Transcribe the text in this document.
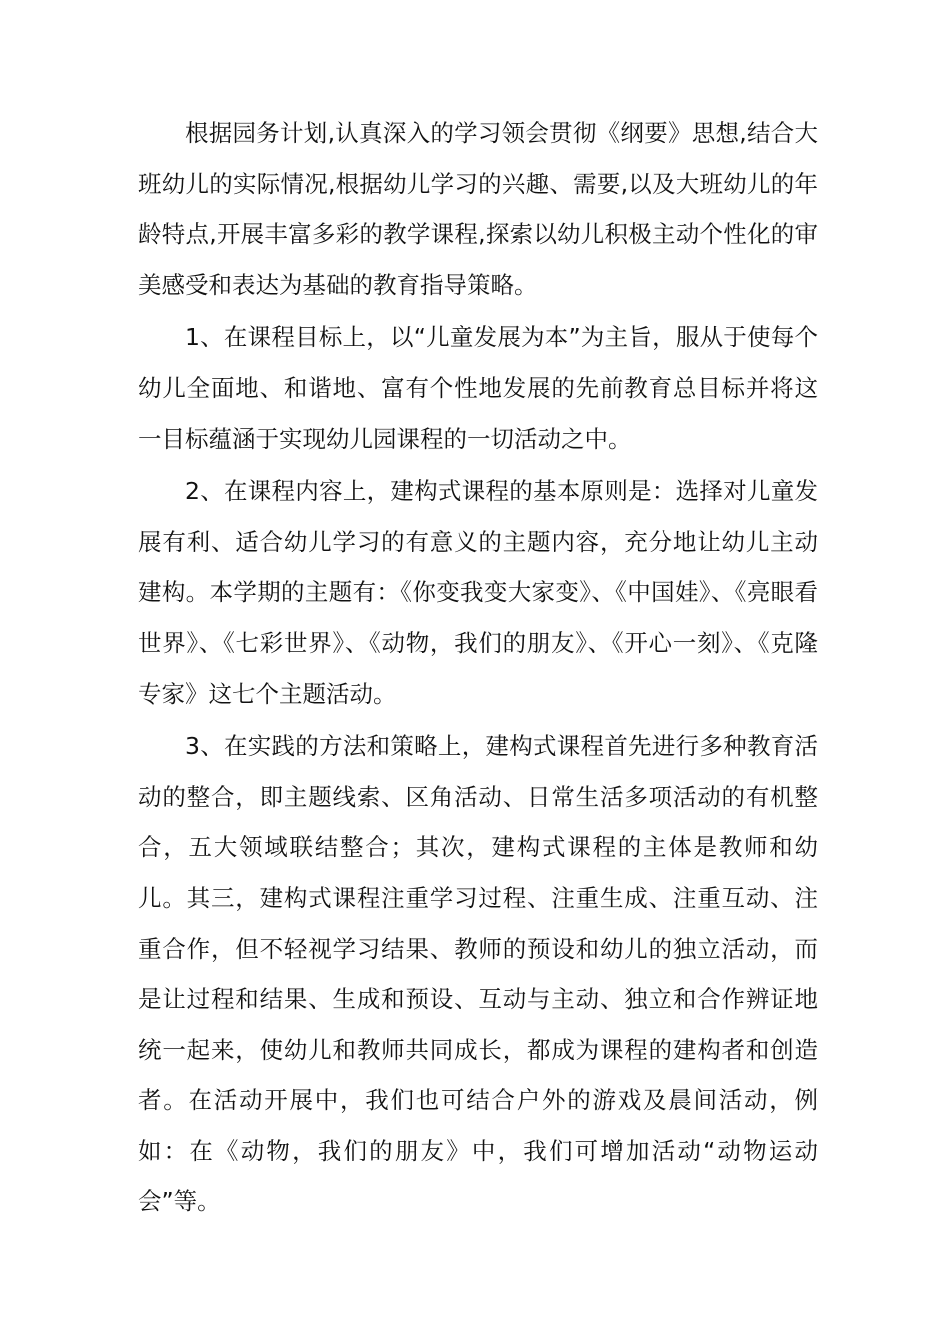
根据园务计划,认真深入的学习领会贯彻《纲要》思想,结合大班幼儿的实际情况,根据幼儿学习的兴趣、需要,以及大班幼儿的年龄特点,开展丰富多彩的教学课程,探索以幼儿积极主动个性化的审美感受和表达为基础的教育指导策略。

1、在课程目标上，以“儿童发展为本”为主旨，服从于使每个幼儿全面地、和谐地、富有个性地发展的先前教育总目标并将这一目标蕴涵于实现幼儿园课程的一切活动之中。

2、在课程内容上，建构式课程的基本原则是：选择对儿童发展有利、适合幼儿学习的有意义的主题内容，充分地让幼儿主动建构。本学期的主题有：《你变我变大家变》、《中国娃》、《亮眼看世界》、《七彩世界》、《动物，我们的朋友》、《开心一刻》、《克隆专家》这七个主题活动。

3、在实践的方法和策略上，建构式课程首先进行多种教育活动的整合，即主题线索、区角活动、日常生活多项活动的有机整合，五大领域联结整合；其次，建构式课程的主体是教师和幼儿。其三，建构式课程注重学习过程、注重生成、注重互动、注重合作，但不轻视学习结果、教师的预设和幼儿的独立活动，而是让过程和结果、生成和预设、互动与主动、独立和合作辨证地统一起来，使幼儿和教师共同成长，都成为课程的建构者和创造者。在活动开展中，我们也可结合户外的游戏及晨间活动，例如：在《动物，我们的朋友》中，我们可增加活动“动物运动会”等。
